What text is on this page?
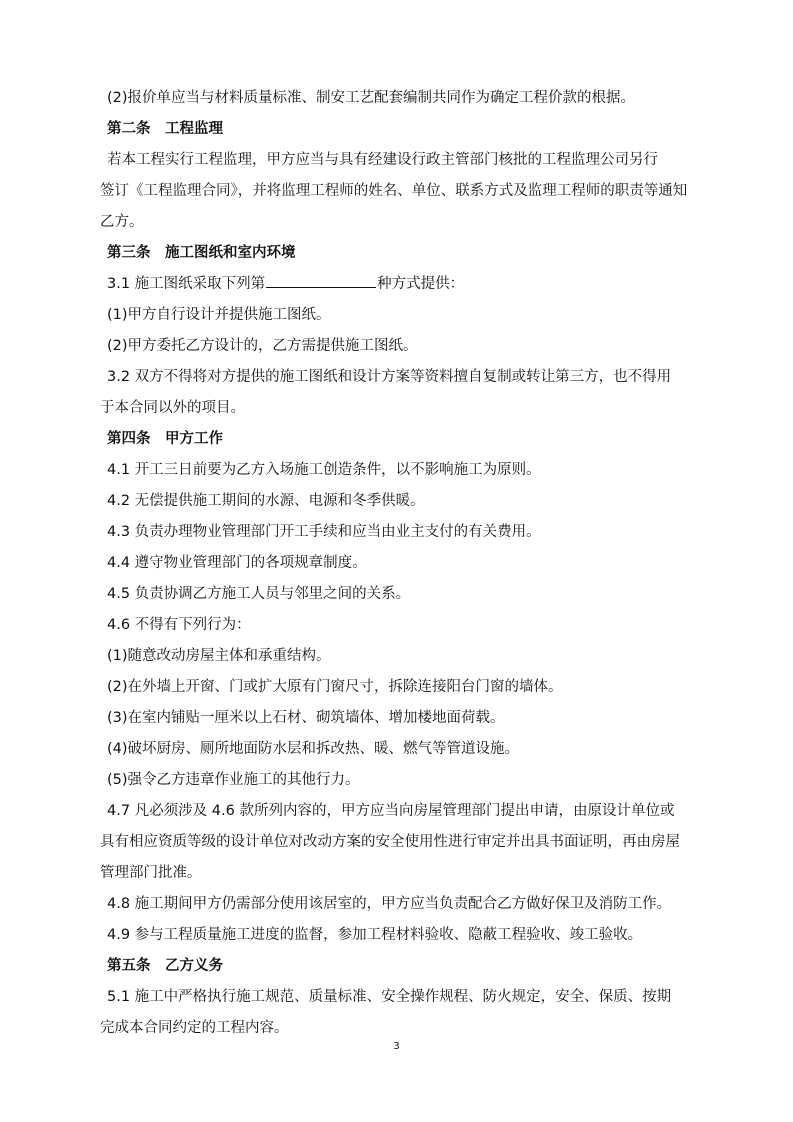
(2)报价单应当与材料质量标准、制安工艺配套编制共同作为确定工程价款的根据。

第二条　工程监理

若本工程实行工程监理，甲方应当与具有经建设行政主管部门核批的工程监理公司另行

签订《工程监理合同》，并将监理工程师的姓名、单位、联系方式及监理工程师的职责等通知

乙方。

第三条　施工图纸和室内环境

3.1 施工图纸采取下列第	种方式提供：

(1)甲方自行设计并提供施工图纸。

(2)甲方委托乙方设计的，乙方需提供施工图纸。

3.2 双方不得将对方提供的施工图纸和设计方案等资料擅自复制或转让第三方，也不得用

于本合同以外的项目。

第四条　甲方工作

4.1 开工三日前要为乙方入场施工创造条件，以不影响施工为原则。

4.2 无偿提供施工期间的水源、电源和冬季供暖。

4.3 负责办理物业管理部门开工手续和应当由业主支付的有关费用。

4.4 遵守物业管理部门的各项规章制度。

4.5 负责协调乙方施工人员与邻里之间的关系。

4.6 不得有下列行为：

(1)随意改动房屋主体和承重结构。

(2)在外墙上开窗、门或扩大原有门窗尺寸，拆除连接阳台门窗的墙体。

(3)在室内铺贴一厘米以上石材、砌筑墙体、增加楼地面荷载。

(4)破坏厨房、厕所地面防水层和拆改热、暖、燃气等管道设施。

(5)强令乙方违章作业施工的其他行力。

4.7 凡必须涉及 4.6 款所列内容的，甲方应当向房屋管理部门提出申请，由原设计单位或

具有相应资质等级的设计单位对改动方案的安全使用性进行审定并出具书面证明，再由房屋

管理部门批准。

4.8 施工期间甲方仍需部分使用该居室的，甲方应当负责配合乙方做好保卫及消防工作。

4.9 参与工程质量施工进度的监督，参加工程材料验收、隐蔽工程验收、竣工验收。

第五条　乙方义务

5.1 施工中严格执行施工规范、质量标准、安全操作规程、防火规定，安全、保质、按期

完成本合同约定的工程内容。

3
